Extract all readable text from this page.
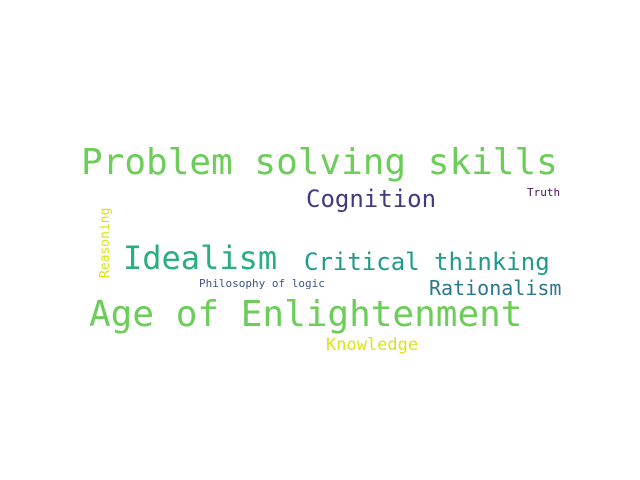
Problem solving skills
Cognition	Truth
Idealism Critical thinking
Philosophy of logic	Rationalism
Age of Enlightenment
Knowledge
Reasoning
